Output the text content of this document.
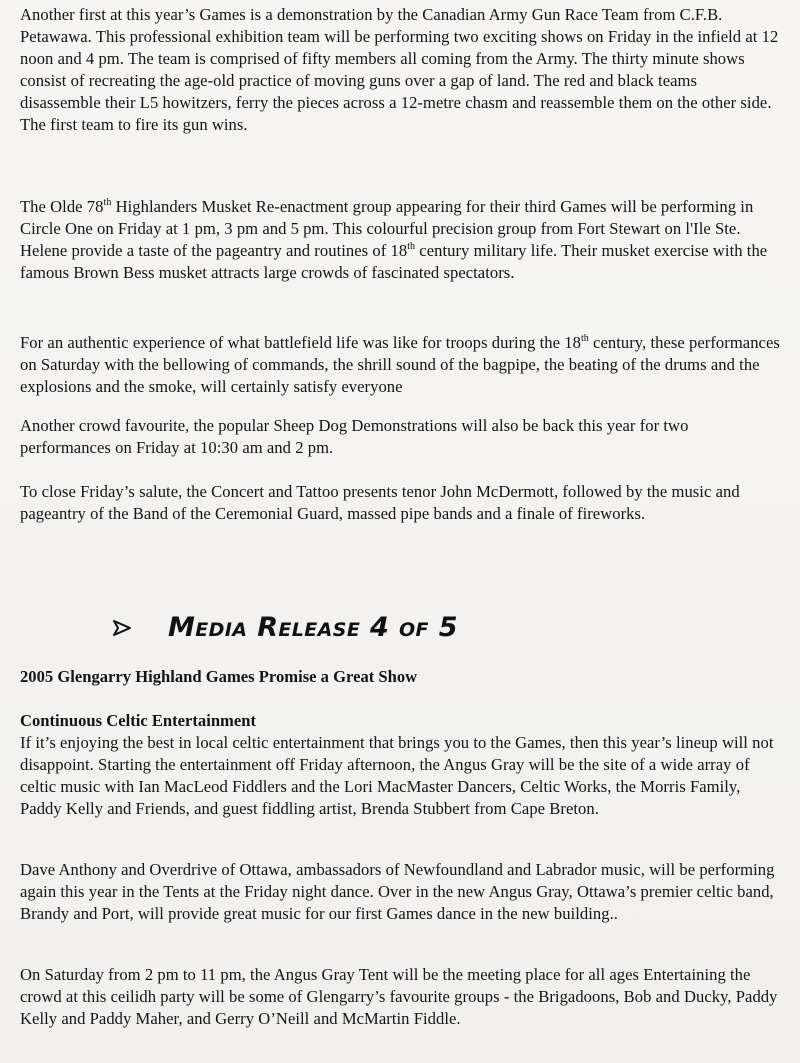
Another first at this year’s Games is a demonstration by the Canadian Army Gun Race Team from C.F.B. Petawawa. This professional exhibition team will be performing two exciting shows on Friday in the infield at 12 noon and 4 pm. The team is comprised of fifty members all coming from the Army. The thirty minute shows consist of recreating the age-old practice of moving guns over a gap of land. The red and black teams disassemble their L5 howitzers, ferry the pieces across a 12-metre chasm and reassemble them on the other side. The first team to fire its gun wins.

The Olde 78th Highlanders Musket Re-enactment group appearing for their third Games will be performing in Circle One on Friday at 1 pm, 3 pm and 5 pm. This colourful precision group from Fort Stewart on l'Ile Ste. Helene provide a taste of the pageantry and routines of 18th century military life. Their musket exercise with the famous Brown Bess musket attracts large crowds of fascinated spectators.

For an authentic experience of what battlefield life was like for troops during the 18th century, these performances on Saturday with the bellowing of commands, the shrill sound of the bagpipe, the beating of the drums and the explosions and the smoke, will certainly satisfy everyone

Another crowd favourite, the popular Sheep Dog Demonstrations will also be back this year for two performances on Friday at 10:30 am and 2 pm.

To close Friday’s salute, the Concert and Tattoo presents tenor John McDermott, followed by the music and pageantry of the Band of the Ceremonial Guard, massed pipe bands and a finale of fireworks.

Media Release 4 of 5

2005 Glengarry Highland Games Promise a Great Show

Continuous Celtic Entertainment

If it’s enjoying the best in local celtic entertainment that brings you to the Games, then this year’s lineup will not disappoint. Starting the entertainment off Friday afternoon, the Angus Gray will be the site of a wide array of celtic music with Ian MacLeod Fiddlers and the Lori MacMaster Dancers, Celtic Works, the Morris Family, Paddy Kelly and Friends, and guest fiddling artist, Brenda Stubbert from Cape Breton.

Dave Anthony and Overdrive of Ottawa, ambassadors of Newfoundland and Labrador music, will be performing again this year in the Tents at the Friday night dance. Over in the new Angus Gray, Ottawa’s premier celtic band, Brandy and Port, will provide great music for our first Games dance in the new building..

On Saturday from 2 pm to 11 pm, the Angus Gray Tent will be the meeting place for all ages Entertaining the crowd at this ceilidh party will be some of Glengarry’s favourite groups - the Brigadoons, Bob and Ducky, Paddy Kelly and Paddy Maher, and Gerry O’Neill and McMartin Fiddle.
